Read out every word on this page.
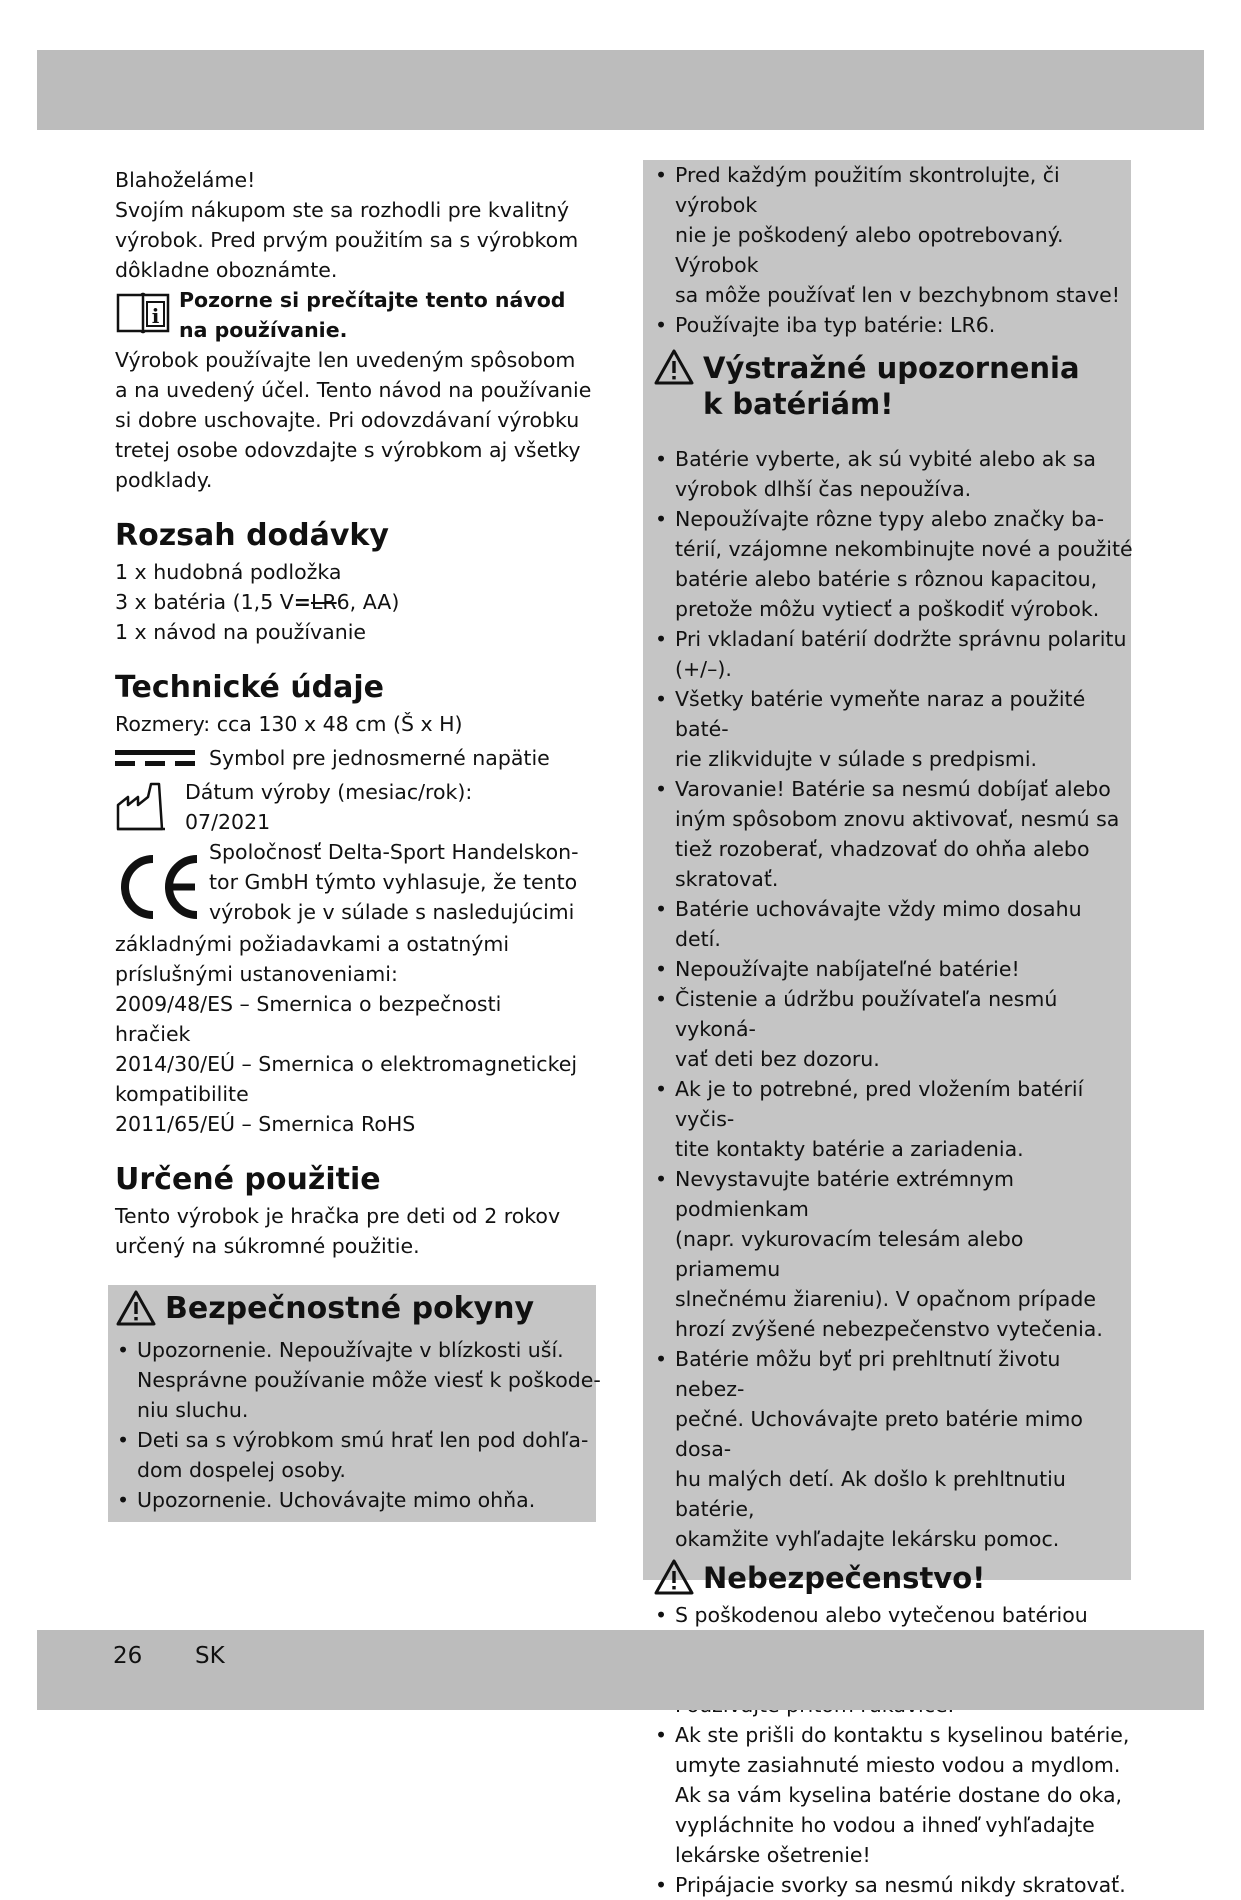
Blahoželáme!

Svojím nákupom ste sa rozhodli pre kvalitný

výrobok. Pred prvým použitím sa s výrobkom

dôkladne oboznámte.

i

Pozorne si prečítajte tento návod

na používanie.

Výrobok používajte len uvedeným spôsobom

a na uvedený účel. Tento návod na používanie

si dobre uschovajte. Pri odovzdávaní výrobku

tretej osobe odovzdajte s výrobkom aj všetky

podklady.

Rozsah dodávky

1 x hudobná podložka

3 x batéria (1,5 V=LR6, AA)

1 x návod na používanie

Technické údaje

Rozmery: cca 130 x 48 cm (Š x H)

Symbol pre jednosmerné napätie

Dátum výroby (mesiac/rok):

07/2021

Spoločnosť Delta-Sport Handelskon-

tor GmbH týmto vyhlasuje, že tento

výrobok je v súlade s nasledujúcimi

základnými požiadavkami a ostatnými

príslušnými ustanoveniami:

2009/48/ES – Smernica o bezpečnosti

hračiek

2014/30/EÚ – Smernica o elektromagnetickej

kompatibilite

2011/65/EÚ – Smernica RoHS

Určené použitie

Tento výrobok je hračka pre deti od 2 rokov

určený na súkromné použitie.

Bezpečnostné pokyny

• Upozornenie. Nepoužívajte v blízkosti uší.

Nesprávne používanie môže viesť k poškode-

niu sluchu.

• Deti sa s výrobkom smú hrať len pod dohľa-

dom dospelej osoby.

• Upozornenie. Uchovávajte mimo ohňa.

• Pred každým použitím skontrolujte, či výrobok

nie je poškodený alebo opotrebovaný. Výrobok

sa môže používať len v bezchybnom stave!

• Používajte iba typ batérie: LR6.

Výstražné upozornenia

k batériám!

• Batérie vyberte, ak sú vybité alebo ak sa

výrobok dlhší čas nepoužíva.

• Nepoužívajte rôzne typy alebo značky ba-

térií, vzájomne nekombinujte nové a použité

batérie alebo batérie s rôznou kapacitou,

pretože môžu vytiecť a poškodiť výrobok.

• Pri vkladaní batérií dodržte správnu polaritu

(+/–).

• Všetky batérie vymeňte naraz a použité baté-

rie zlikvidujte v súlade s predpismi.

• Varovanie! Batérie sa nesmú dobíjať alebo

iným spôsobom znovu aktivovať, nesmú sa

tiež rozoberať, vhadzovať do ohňa alebo

skratovať.

• Batérie uchovávajte vždy mimo dosahu detí.

• Nepoužívajte nabíjateľné batérie!

• Čistenie a údržbu používateľa nesmú vykoná-

vať deti bez dozoru.

• Ak je to potrebné, pred vložením batérií vyčis-

tite kontakty batérie a zariadenia.

• Nevystavujte batérie extrémnym podmienkam

(napr. vykurovacím telesám alebo priamemu

slnečnému žiareniu). V opačnom prípade

hrozí zvýšené nebezpečenstvo vytečenia.

• Batérie môžu byť pri prehltnutí životu nebez-

pečné. Uchovávajte preto batérie mimo dosa-

hu malých detí. Ak došlo k prehltnutiu batérie,

okamžite vyhľadajte lekársku pomoc.

Nebezpečenstvo!

• S poškodenou alebo vytečenou batériou

• Ak ste prišli do kontaktu s kyselinou batérie,

umyte zasiahnuté miesto vodou a mydlom.

Ak sa vám kyselina batérie dostane do oka,

vypláchnite ho vodou a ihneď vyhľadajte

lekárske ošetrenie!

• Pripájacie svorky sa nesmú nikdy skratovať.

26 SK
